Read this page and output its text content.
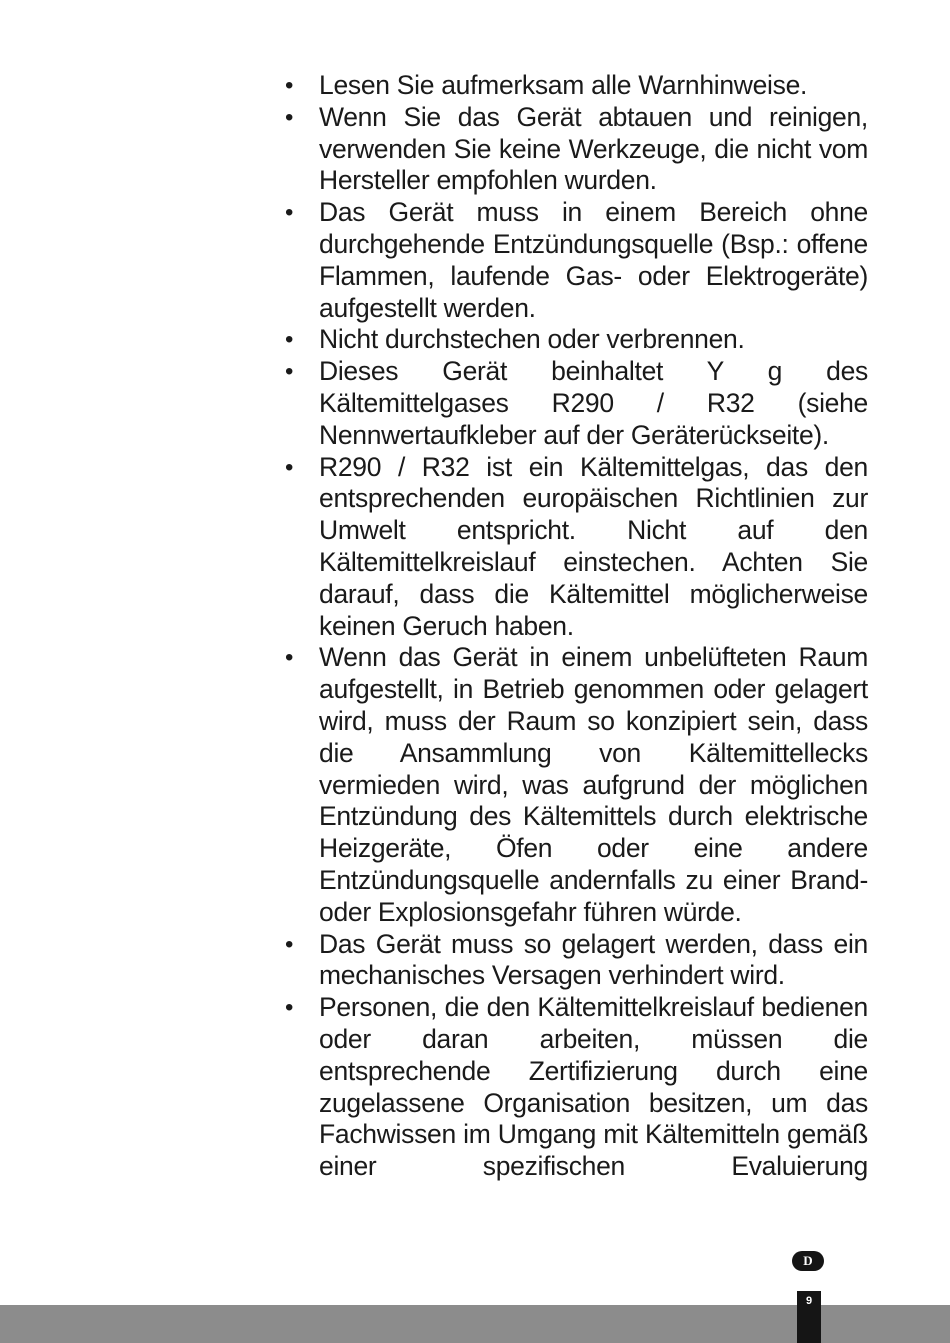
• Lesen Sie aufmerksam alle Warnhinweise.
• Wenn Sie das Gerät abtauen und reinigen, verwenden Sie keine Werkzeuge, die nicht vom Hersteller empfohlen wurden.
• Das Gerät muss in einem Bereich ohne durchgehende Entzündungsquelle (Bsp.: offene Flammen, laufende Gas- oder Elektrogeräte) aufgestellt werden.
• Nicht durchstechen oder verbrennen.
• Dieses Gerät beinhaltet Y g des Kältemittelgases R290 / R32 (siehe Nennwertaufkleber auf der Geräterückseite).
• R290 / R32 ist ein Kältemittelgas, das den entsprechenden europäischen Richtlinien zur Umwelt entspricht. Nicht auf den Kältemittelkreislauf einstechen. Achten Sie darauf, dass die Kältemittel möglicherweise keinen Geruch haben.
• Wenn das Gerät in einem unbelüfteten Raum aufgestellt, in Betrieb genommen oder gelagert wird, muss der Raum so konzipiert sein, dass die Ansammlung von Kältemittellecks vermieden wird, was aufgrund der möglichen Entzündung des Kältemittels durch elektrische Heizgeräte, Öfen oder eine andere Entzündungsquelle andernfalls zu einer Brand- oder Explosionsgefahr führen würde.
• Das Gerät muss so gelagert werden, dass ein mechanisches Versagen verhindert wird.
• Personen, die den Kältemittelkreislauf bedienen oder daran arbeiten, müssen die entsprechende Zertifizierung durch eine zugelassene Organisation besitzen, um das Fachwissen im Umgang mit Kältemitteln gemäß einer spezifischen Evaluierung
D
9
